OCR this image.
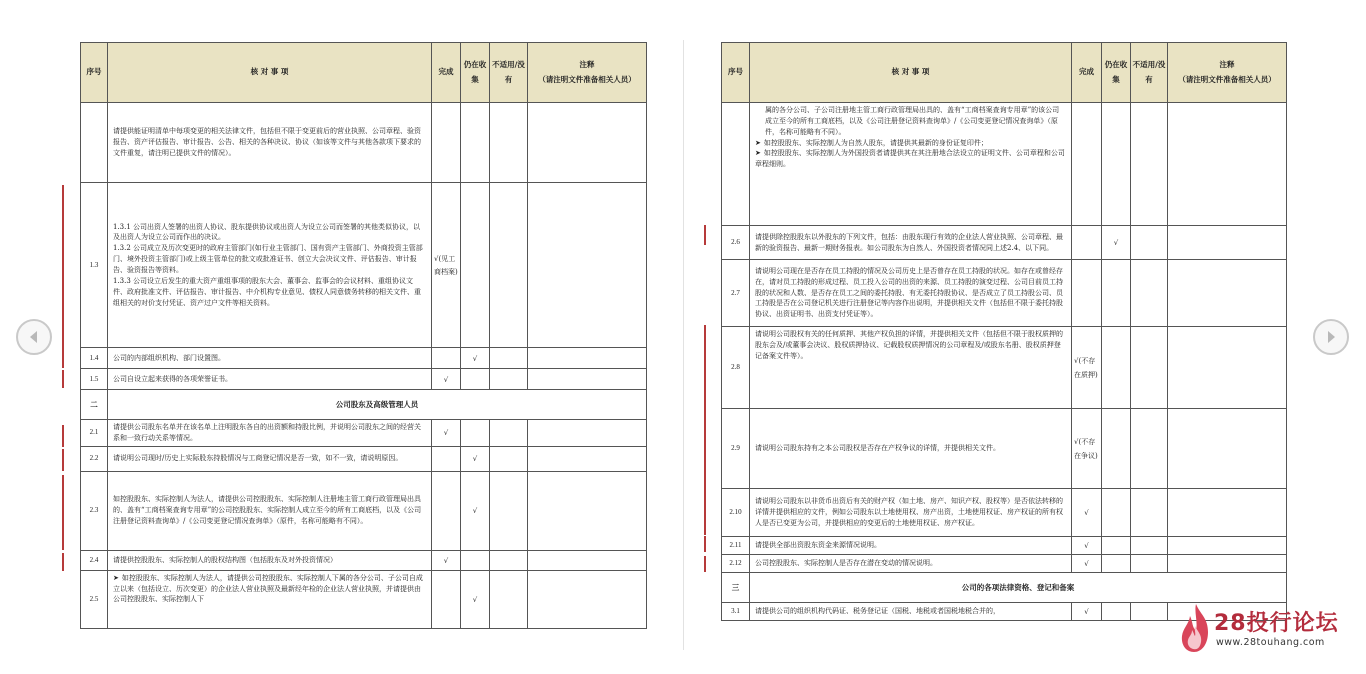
序号	核 对 事 项	完成	仍在收集	不适用/没有	注释
（请注明文件准备相关人员）

	请提供能证明清单中每项变更的相关法律文件，包括但不限于变更前后的营业执照、公司章程、验资报告、资产评估报告、审计报告、公告、相关的各种决议、协议（如该等文件与其他各款项下要求的文件重复，请注明已提供文件的情况）。				
1.3	1.3.1 公司出资人签署的出资人协议、股东提供协议或出资人为设立公司而签署的其他类似协议，以及出资人为设立公司而作出的决议。
1.3.2 公司成立及历次变更时的政府主管部门(如行业主管部门、国有资产主管部门、外商投资主管部门、境外投资主管部门)或上级主管单位的批文或批准证书、创立大会决议文件、评估报告、审计报告、验资报告等资料。
1.3.3 公司设立后发生的重大资产重组事项的股东大会、董事会、监事会的会议材料、重组协议文件、政府批准文件、评估报告、审计报告、中介机构专业意见、债权人同意债务转移的相关文件、重组相关的对价支付凭证、资产过户文件等相关资料。	√(见工商档案)			
1.4	公司的内部组织机构、部门设置图。		√		
1.5	公司自设立起来获得的各项荣誉证书。	√			
二	公司股东及高级管理人员				
2.1	请提供公司股东名单并在该名单上注明股东各自的出资额和持股比例，并说明公司股东之间的经营关系和一致行动关系等情况。	√			
2.2	请说明公司现时/历史上实际股东持股情况与工商登记情况是否一致，如不一致，请说明原因。		√		
2.3	如控股股东、实际控制人为法人，请提供公司控股股东、实际控制人注册地主管工商行政管理局出具的、盖有“工商档案查询专用章”的公司控股股东、实际控制人成立至今的所有工商底档，以及《公司注册登记资料查询单》/《公司变更登记情况查询单》（原件，名称可能略有不同）。		√		
2.4	请提供控股股东、实际控制人的股权结构图（包括股东及对外投资情况）	√			
2.5	➤ 如控股股东、实际控制人为法人，请提供公司控股股东、实际控制人下属的各分公司、子公司自成立以来（包括设立、历次变更）的企业法人营业执照及最新经年检的企业法人营业执照，并请提供由公司控股股东、实际控制人下		√		
序号	核 对 事 项	完成	仍在收集	不适用/没有	注释
（请注明文件准备相关人员）

	属的各分公司、子公司注册地主管工商行政管理局出具的、盖有“工商档案查询专用章”的该公司成立至今的所有工商底档，以及《公司注册登记资料查询单》/《公司变更登记情况查询单》（原件，名称可能略有不同）。
➤ 如控股股东、实际控制人为自然人股东，请提供其最新的身份证复印件；
➤ 如控股股东、实际控制人为外国投资者请提供其在其注册地合法设立的证明文件、公司章程和公司章程细则。				

2.6	请提供除控股股东以外股东的下列文件，包括：由股东现行有效的企业法人营业执照、公司章程、最新的验资报告、最新一期财务报表。如公司股东为自然人、外国投资者情况同上述2.4、以下同。		√		
2.7	请说明公司现在是否存在员工持股的情况及公司历史上是否曾存在员工持股的状况。如存在或曾经存在，请对员工持股的形成过程、员工投入公司的出资的来源、员工持股的演变过程、公司目前员工持股的状况和人数、是否存在员工之间的委托持股、有无委托持股协议、是否成立了员工持股公司、员工持股是否在公司登记机关进行注册登记等内容作出说明，并提供相关文件（包括但不限于委托持股协议、出资证明书、出资支付凭证等）。				
2.8	请说明公司股权有关的任何质押、其他产权负担的详情，并提供相关文件（包括但不限于股权质押的股东会及/或董事会决议、股权质押协议、记载股权质押情况的公司章程及/或股东名册、股权质押登记备案文件等）。	√(不存在质押)			
2.9	请说明公司股东持有之本公司股权是否存在产权争议的详情，并提供相关文件。	√(不存在争议)			
2.10	请说明公司股东以非货币出资后有关的财产权（如土地、房产、知识产权、股权等）是否依法转移的详情并提供相应的文件，例如公司股东以土地使用权、房产出资，土地使用权证、房产权证的所有权人是否已变更为公司，并提供相应的变更后的土地使用权证、房产权证。	√			
2.11	请提供全部出资股东资金来源情况说明。	√			
2.12	公司控股股东、实际控制人是否存在潜在变动的情况说明。	√			
三	公司的各项法律资格、登记和备案				
3.1	请提供公司的组织机构代码证、税务登记证（国税、地税或者国税地税合并的，	√				28投行论坛
www.28touhang.com
